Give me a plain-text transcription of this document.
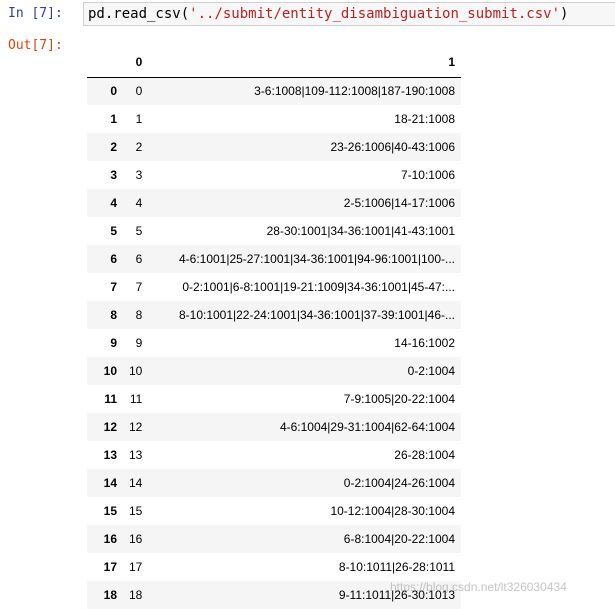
In [7]:	pd.read_csv('../submit/entity_disambiguation_submit.csv')
Out[7]:
	0	1
0	0	3-6:1008|109-112:1008|187-190:1008
1	1	18-21:1008
2	2	23-26:1006|40-43:1006
3	3	7-10:1006
4	4	2-5:1006|14-17:1006
5	5	28-30:1001|34-36:1001|41-43:1001
6	6	4-6:1001|25-27:1001|34-36:1001|94-96:1001|100-...
7	7	0-2:1001|6-8:1001|19-21:1009|34-36:1001|45-47:...
8	8	8-10:1001|22-24:1001|34-36:1001|37-39:1001|46-...
9	9	14-16:1002
10	10	0-2:1004
11	11	7-9:1005|20-22:1004
12	12	4-6:1004|29-31:1004|62-64:1004
13	13	26-28:1004
14	14	0-2:1004|24-26:1004
15	15	10-12:1004|28-30:1004
16	16	6-8:1004|20-22:1004
17	17	8-10:1011|26-28:1011
18	18	9-11:1011|26-30:1013
https://blog.csdn.net/lt326030434
